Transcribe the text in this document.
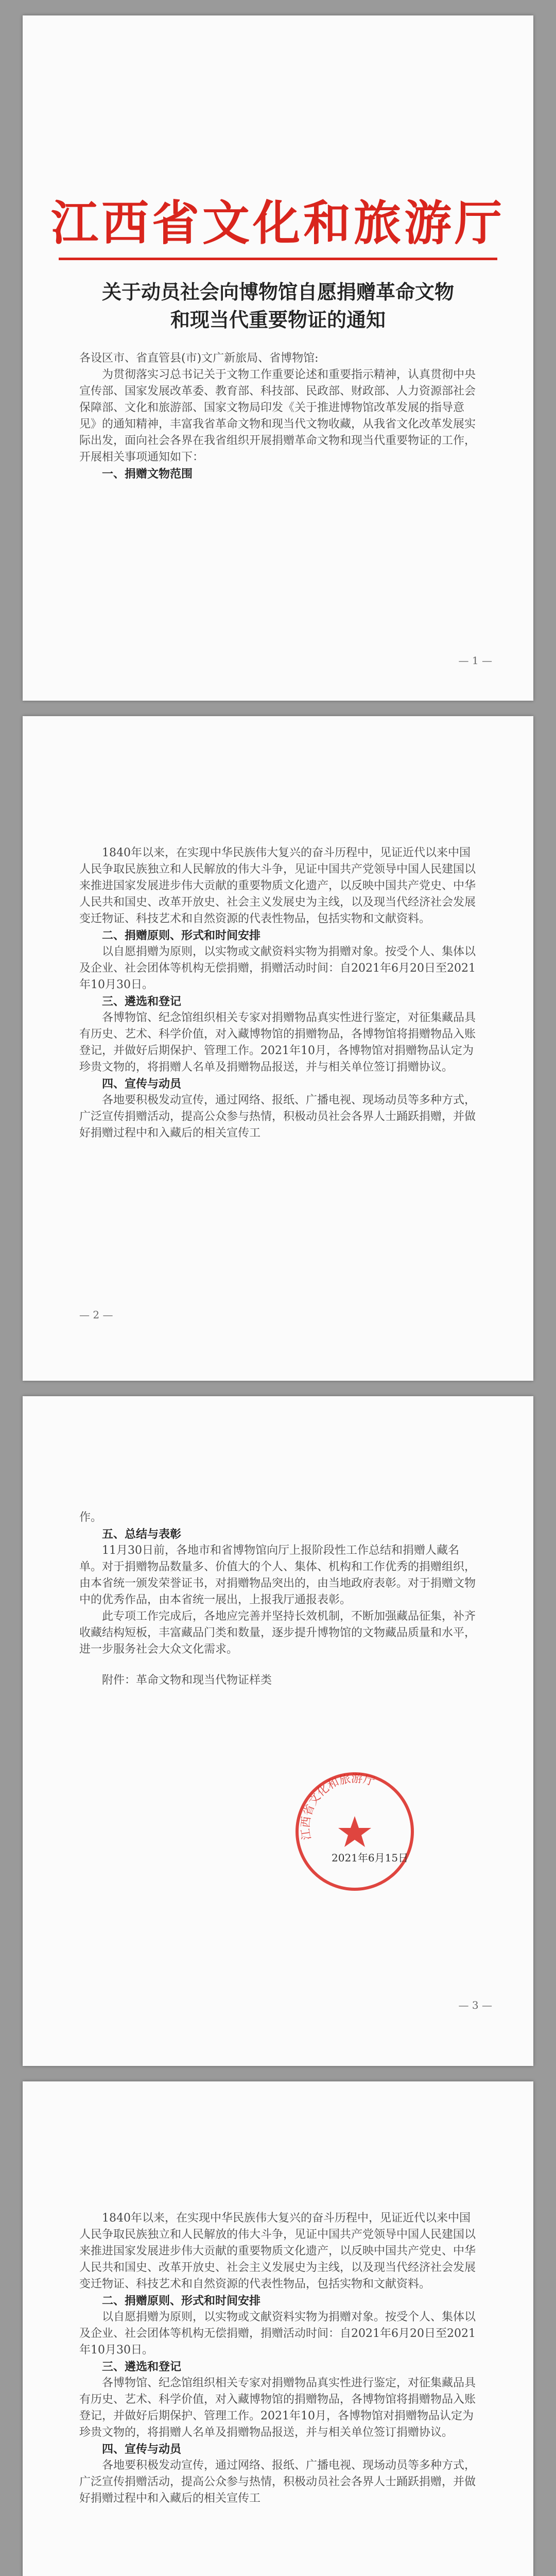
江西省文化和旅游厅
关于动员社会向博物馆自愿捐赠革命文物
和现当代重要物证的通知

各设区市、省直管县(市)文广新旅局、省博物馆:

为贯彻落实习总书记关于文物工作重要论述和重要指示精神，认真贯彻中央宣传部、国家发展改革委、教育部、科技部、民政部、财政部、人力资源部社会保障部、文化和旅游部、国家文物局印发《关于推进博物馆改革发展的指导意见》的通知精神，丰富我省革命文物和现当代文物收藏，从我省文化改革发展实际出发，面向社会各界在我省组织开展捐赠革命文物和现当代重要物证的工作，开展相关事项通知如下：

一、捐赠文物范围

— 1 —

1840年以来，在实现中华民族伟大复兴的奋斗历程中，见证近代以来中国人民争取民族独立和人民解放的伟大斗争，见证中国共产党领导中国人民建国以来推进国家发展进步伟大贡献的重要物质文化遗产，以反映中国共产党史、中华人民共和国史、改革开放史、社会主义发展史为主线，以及现当代经济社会发展变迁物证、科技艺术和自然资源的代表性物品，包括实物和文献资料。

二、捐赠原则、形式和时间安排

以自愿捐赠为原则，以实物或文献资料实物为捐赠对象。按受个人、集体以及企业、社会团体等机构无偿捐赠，捐赠活动时间：自2021年6月20日至2021年10月30日。

三、遴选和登记

各博物馆、纪念馆组织相关专家对捐赠物品真实性进行鉴定，对征集藏品具有历史、艺术、科学价值，对入藏博物馆的捐赠物品，各博物馆将捐赠物品入账登记，并做好后期保护、管理工作。2021年10月，各博物馆对捐赠物品认定为珍贵文物的，将捐赠人名单及捐赠物品报送，并与相关单位签订捐赠协议。

四、宣传与动员

各地要积极发动宣传，通过网络、报纸、广播电视、现场动员等多种方式，广泛宣传捐赠活动，提高公众参与热情，积极动员社会各界人士踊跃捐赠，并做好捐赠过程中和入藏后的相关宣传工

— 2 —

作。

五、总结与表彰

11月30日前，各地市和省博物馆向厅上报阶段性工作总结和捐赠人藏名单。对于捐赠物品数量多、价值大的个人、集体、机构和工作优秀的捐赠组织，由本省统一颁发荣誉证书，对捐赠物品突出的，由当地政府表彰。对于捐赠文物中的优秀作品，由本省统一展出，上报我厅通报表彰。

此专项工作完成后，各地应完善并坚持长效机制，不断加强藏品征集，补齐收藏结构短板，丰富藏品门类和数量，逐步提升博物馆的文物藏品质量和水平，进一步服务社会大众文化需求。

附件：革命文物和现当代物证样类

江西省文化和旅游厅
2021年6月15日
— 3 —

1840年以来，在实现中华民族伟大复兴的奋斗历程中，见证近代以来中国人民争取民族独立和人民解放的伟大斗争，见证中国共产党领导中国人民建国以来推进国家发展进步伟大贡献的重要物质文化遗产，以反映中国共产党史、中华人民共和国史、改革开放史、社会主义发展史为主线，以及现当代经济社会发展变迁物证、科技艺术和自然资源的代表性物品，包括实物和文献资料。

二、捐赠原则、形式和时间安排

以自愿捐赠为原则，以实物或文献资料实物为捐赠对象。按受个人、集体以及企业、社会团体等机构无偿捐赠，捐赠活动时间：自2021年6月20日至2021年10月30日。

三、遴选和登记

各博物馆、纪念馆组织相关专家对捐赠物品真实性进行鉴定，对征集藏品具有历史、艺术、科学价值，对入藏博物馆的捐赠物品，各博物馆将捐赠物品入账登记，并做好后期保护、管理工作。2021年10月，各博物馆对捐赠物品认定为珍贵文物的，将捐赠人名单及捐赠物品报送，并与相关单位签订捐赠协议。

四、宣传与动员

各地要积极发动宣传，通过网络、报纸、广播电视、现场动员等多种方式，广泛宣传捐赠活动，提高公众参与热情，积极动员社会各界人士踊跃捐赠，并做好捐赠过程中和入藏后的相关宣传工
